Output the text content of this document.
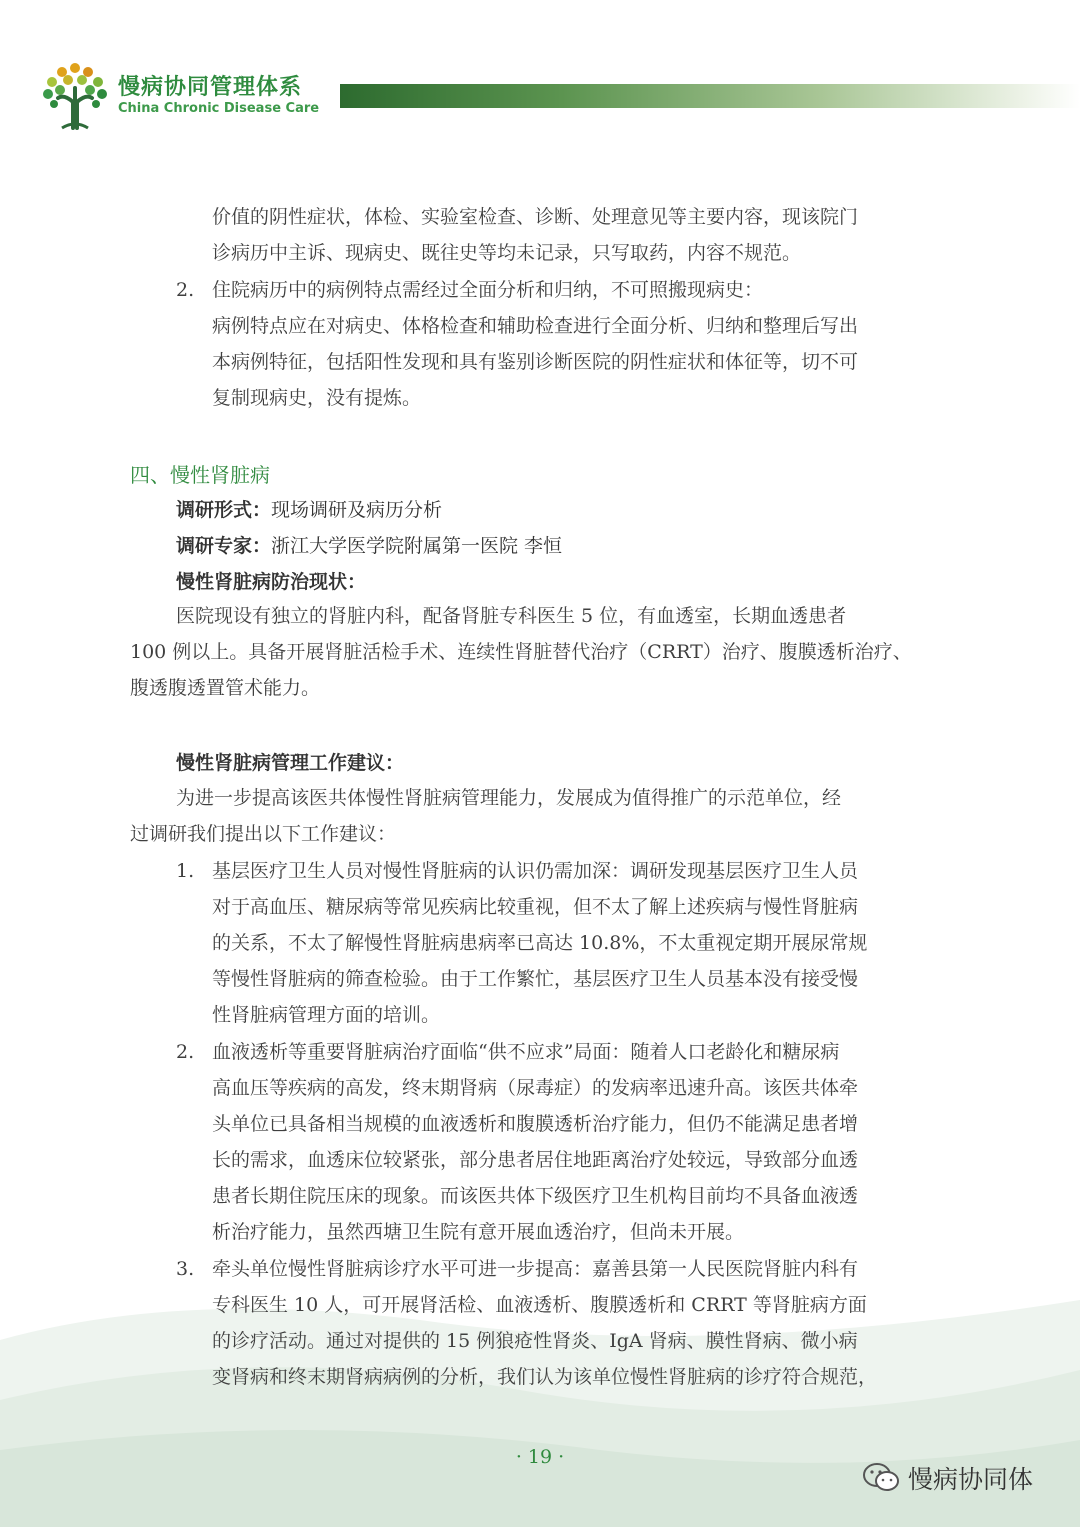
慢病协同管理体系
China Chronic Disease Care
价值的阴性症状，体检、实验室检查、诊断、处理意见等主要内容，现该院门
诊病历中主诉、现病史、既往史等均未记录，只写取药，内容不规范。
2. 住院病历中的病例特点需经过全面分析和归纳，不可照搬现病史：
病例特点应在对病史、体格检查和辅助检查进行全面分析、归纳和整理后写出
本病例特征，包括阳性发现和具有鉴别诊断医院的阴性症状和体征等，切不可
复制现病史，没有提炼。
四、慢性肾脏病
调研形式：现场调研及病历分析
调研专家：浙江大学医学院附属第一医院 李恒
慢性肾脏病防治现状：
医院现设有独立的肾脏内科，配备肾脏专科医生 5 位，有血透室，长期血透患者
100 例以上。具备开展肾脏活检手术、连续性肾脏替代治疗（CRRT）治疗、腹膜透析治疗、
腹透腹透置管术能力。
慢性肾脏病管理工作建议：
为进一步提高该医共体慢性肾脏病管理能力，发展成为值得推广的示范单位，经
过调研我们提出以下工作建议：
1. 基层医疗卫生人员对慢性肾脏病的认识仍需加深：调研发现基层医疗卫生人员
对于高血压、糖尿病等常见疾病比较重视，但不太了解上述疾病与慢性肾脏病
的关系，不太了解慢性肾脏病患病率已高达 10.8%，不太重视定期开展尿常规
等慢性肾脏病的筛查检验。由于工作繁忙，基层医疗卫生人员基本没有接受慢
性肾脏病管理方面的培训。
2. 血液透析等重要肾脏病治疗面临“供不应求”局面：随着人口老龄化和糖尿病
高血压等疾病的高发，终末期肾病（尿毒症）的发病率迅速升高。该医共体牵
头单位已具备相当规模的血液透析和腹膜透析治疗能力，但仍不能满足患者增
长的需求，血透床位较紧张，部分患者居住地距离治疗处较远，导致部分血透
患者长期住院压床的现象。而该医共体下级医疗卫生机构目前均不具备血液透
析治疗能力，虽然西塘卫生院有意开展血透治疗，但尚未开展。
3. 牵头单位慢性肾脏病诊疗水平可进一步提高：嘉善县第一人民医院肾脏内科有
专科医生 10 人，可开展肾活检、血液透析、腹膜透析和 CRRT 等肾脏病方面
的诊疗活动。通过对提供的 15 例狼疮性肾炎、IgA 肾病、膜性肾病、微小病
变肾病和终末期肾病病例的分析，我们认为该单位慢性肾脏病的诊疗符合规范，
· 19 ·
慢病协同体
